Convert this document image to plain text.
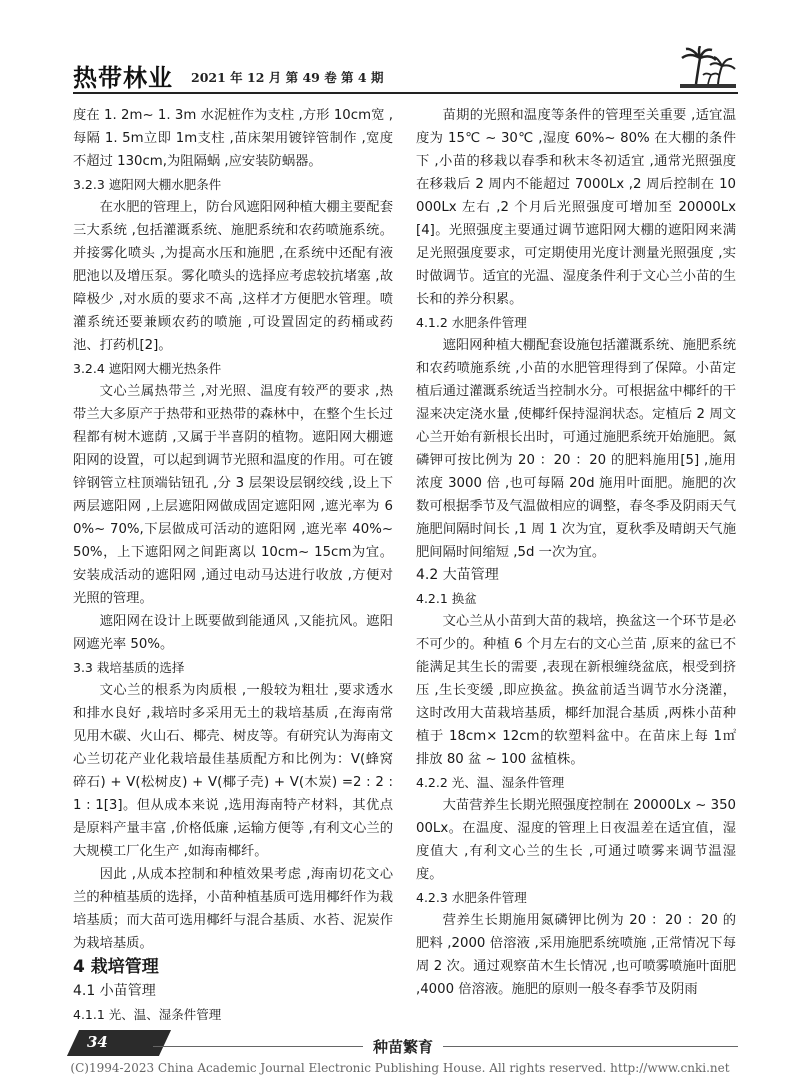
热带林业 2021 年 12 月 第 49 卷 第 4 期

度在 1. 2m~ 1. 3m 水泥桩作为支柱 ,方形 10cm宽 ,每隔 1. 5m立即 1m支柱 ,苗床架用镀锌管制作 ,宽度不超过 130cm,为阻隔蜗 ,应安装防蜗器。

3.2.3 遮阳网大棚水肥条件

在水肥的管理上，防台风遮阳网种植大棚主要配套三大系统 ,包括灌溉系统、施肥系统和农药喷施系统。并接雾化喷头 ,为提高水压和施肥 ,在系统中还配有液肥池以及增压泵。雾化喷头的选择应考虑较抗堵塞 ,故障极少 ,对水质的要求不高 ,这样才方便肥水管理。喷灌系统还要兼顾农药的喷施 ,可设置固定的药桶或药池、打药机[2]。

3.2.4 遮阳网大棚光热条件

文心兰属热带兰 ,对光照、温度有较严的要求 ,热带兰大多原产于热带和亚热带的森林中，在整个生长过程都有树木遮荫 ,又属于半喜阴的植物。遮阳网大棚遮阳网的设置，可以起到调节光照和温度的作用。可在镀锌钢管立柱顶端钻钮孔 ,分 3 层架设层钢绞线 ,设上下两层遮阳网 ,上层遮阳网做成固定遮阳网 ,遮光率为 60%~ 70%,下层做成可活动的遮阳网 ,遮光率 40%~ 50%，上下遮阳网之间距离以 10cm~ 15cm为宜。安装成活动的遮阳网 ,通过电动马达进行收放 ,方便对光照的管理。

遮阳网在设计上既要做到能通风 ,又能抗风。遮阳网遮光率 50%。

3.3 栽培基质的选择

文心兰的根系为肉质根 ,一般较为粗壮 ,要求透水和排水良好 ,栽培时多采用无土的栽培基质 ,在海南常见用木碳、火山石、椰壳、树皮等。有研究认为海南文心兰切花产业化栽培最佳基质配方和比例为：V(蜂窝碎石) + V(松树皮) + V(椰子壳) + V(木炭) =2 : 2 : 1 : 1[3]。但从成本来说 ,选用海南特产材料，其优点是原料产量丰富 ,价格低廉 ,运输方便等 ,有利文心兰的大规模工厂化生产 ,如海南椰纤。

因此 ,从成本控制和种植效果考虑 ,海南切花文心兰的种植基质的选择，小苗种植基质可选用椰纤作为栽培基质；而大苗可选用椰纤与混合基质、水苔、泥炭作为栽培基质。

4 栽培管理

4.1 小苗管理

4.1.1 光、温、湿条件管理

苗期的光照和温度等条件的管理至关重要 ,适宜温度为 15℃ ~ 30℃ ,湿度 60%~ 80% 在大棚的条件下 ,小苗的移栽以春季和秋末冬初适宜 ,通常光照强度在移栽后 2 周内不能超过 7000Lx ,2 周后控制在 10000Lx 左右 ,2 个月后光照强度可增加至 20000Lx[4]。光照强度主要通过调节遮阳网大棚的遮阳网来满足光照强度要求，可定期使用光度计测量光照强度 ,实时做调节。适宜的光温、湿度条件利于文心兰小苗的生长和的养分积累。

4.1.2 水肥条件管理

遮阳网种植大棚配套设施包括灌溉系统、施肥系统和农药喷施系统 ,小苗的水肥管理得到了保障。小苗定植后通过灌溉系统适当控制水分。可根据盆中椰纤的干湿来决定浇水量 ,使椰纤保持湿润状态。定植后 2 周文心兰开始有新根长出时，可通过施肥系统开始施肥。氮磷钾可按比例为 20 ：20 ：20 的肥料施用[5] ,施用浓度 3000 倍 ,也可每隔 20d 施用叶面肥。施肥的次数可根据季节及气温做相应的调整，春冬季及阴雨天气施肥间隔时间长 ,1 周 1 次为宜，夏秋季及晴朗天气施肥间隔时间缩短 ,5d 一次为宜。

4.2 大苗管理

4.2.1 换盆

文心兰从小苗到大苗的栽培，换盆这一个环节是必不可少的。种植 6 个月左右的文心兰苗 ,原来的盆已不能满足其生长的需要 ,表现在新根缠绕盆底，根受到挤压 ,生长变缓 ,即应换盆。换盆前适当调节水分浇灌，这时改用大苗栽培基质，椰纤加混合基质 ,两株小苗种植于 18cm× 12cm的软塑料盆中。在苗床上每 1㎡ 排放 80 盆 ~ 100 盆植株。

4.2.2 光、温、湿条件管理

大苗营养生长期光照强度控制在 20000Lx ~ 35000Lx。在温度、湿度的管理上日夜温差在适宜值，湿度值大 ,有利文心兰的生长 ,可通过喷雾来调节温湿度。

4.2.3 水肥条件管理

营养生长期施用氮磷钾比例为 20 ：20 ：20 的肥料 ,2000 倍溶液 ,采用施肥系统喷施 ,正常情况下每周 2 次。通过观察苗木生长情况 ,也可喷雾喷施叶面肥 ,4000 倍溶液。施肥的原则一般冬春季节及阴雨

34	种苗繁育
(C)1994-2023 China Academic Journal Electronic Publishing House. All rights reserved. http://www.cnki.net
